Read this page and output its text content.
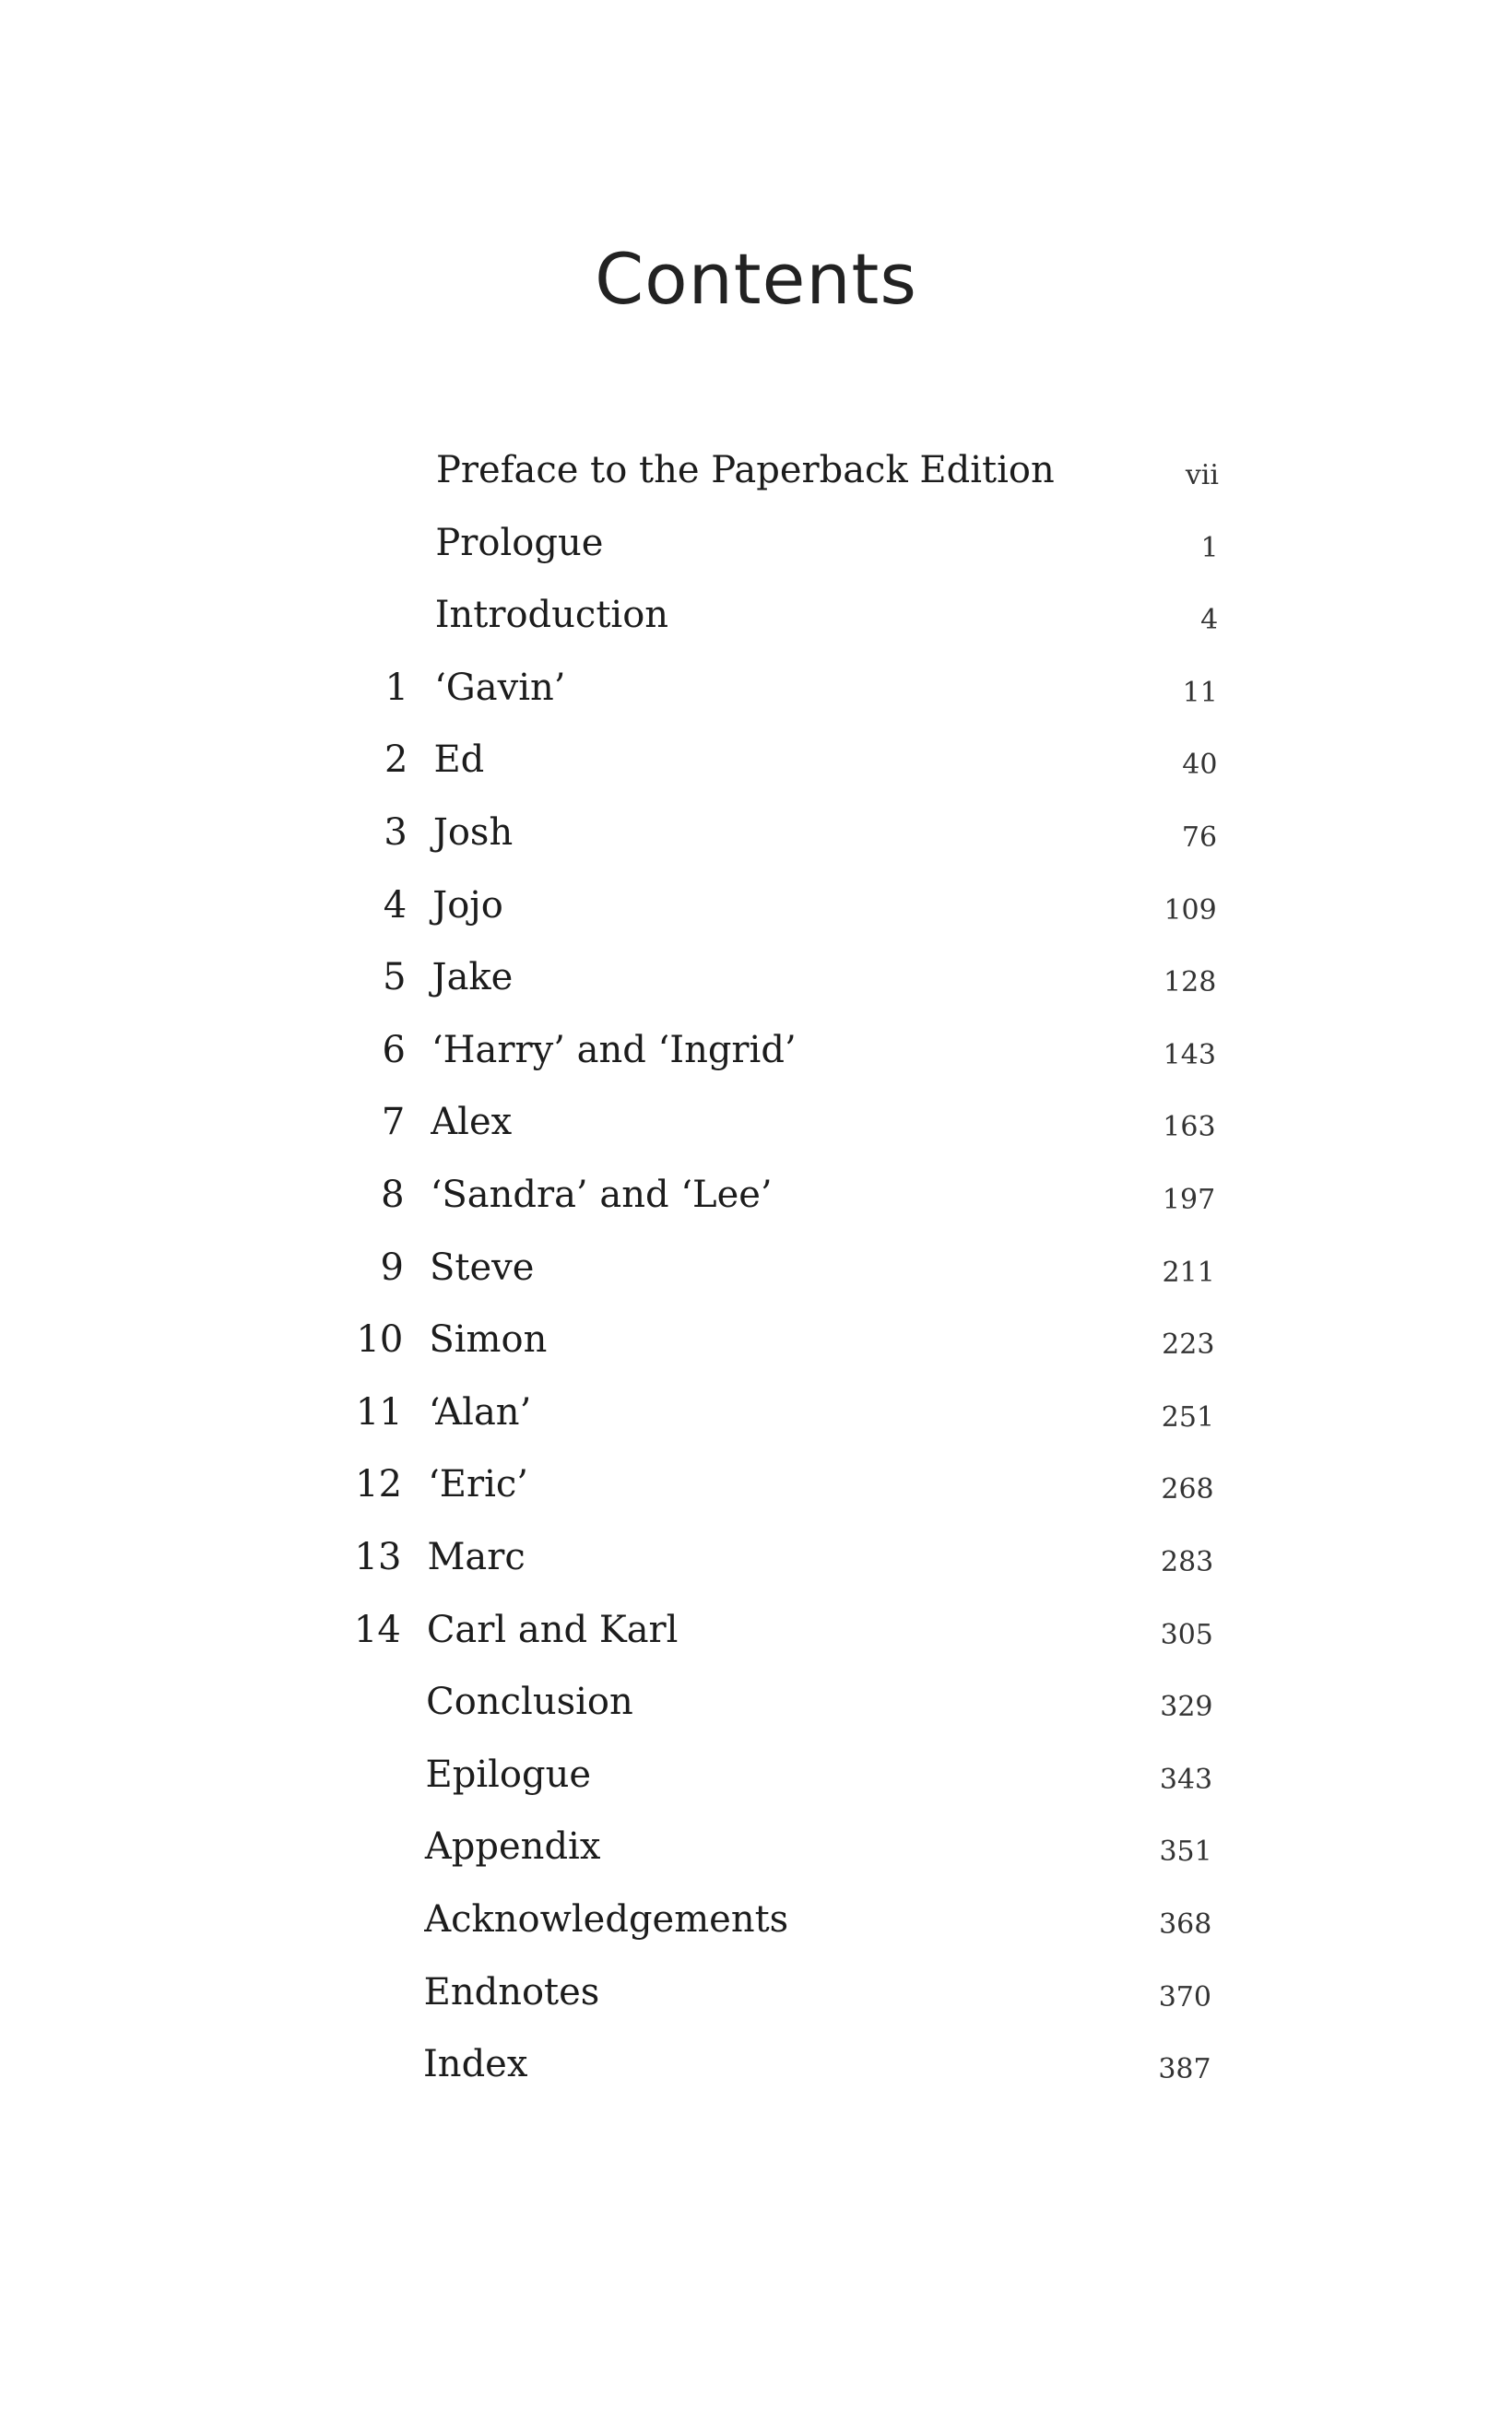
Contents
Preface to the Paperback Edition	vii
Prologue	1
Introduction	4
1 ‘Gavin’	11
2 Ed	40
3 Josh	76
4 Jojo	109
5 Jake	128
6 ‘Harry’ and ‘Ingrid’	143
7 Alex	163
8 ‘Sandra’ and ‘Lee’	197
9 Steve	211
10 Simon	223
11 ‘Alan’	251
12 ‘Eric’	268
13 Marc	283
14 Carl and Karl	305
Conclusion	329
Epilogue	343
Appendix	351
Acknowledgements	368
Endnotes	370
Index	387
